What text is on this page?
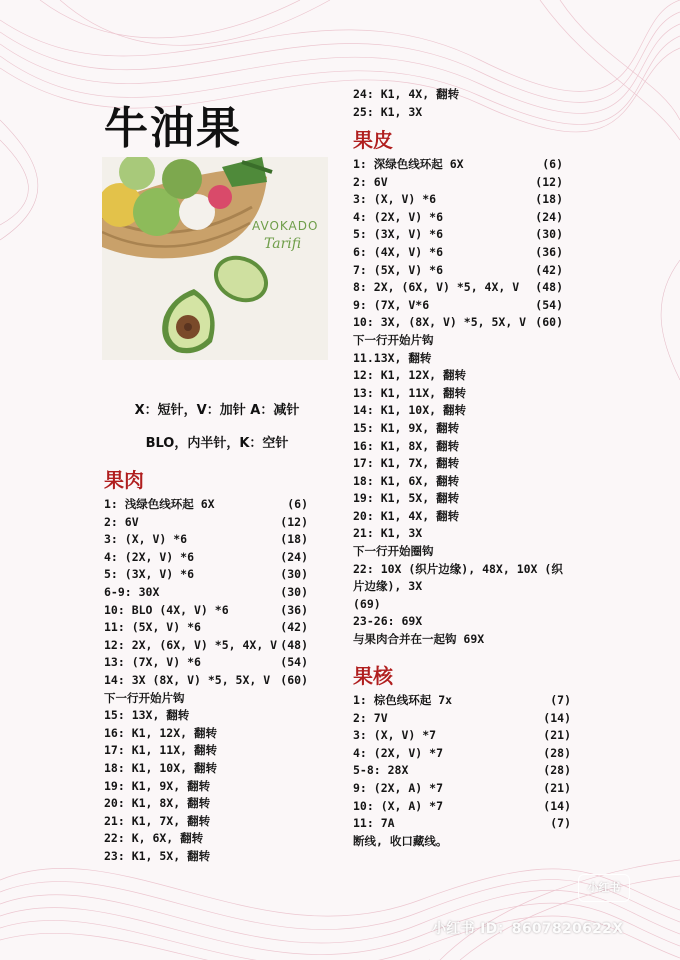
牛油果
AVOKADO
Tarifi
X：短针，V：加针 A：减针
BLO，内半针，K：空针
果肉
1: 浅绿色线环起 6X	(6)
2: 6V	(12)
3: (X, V) *6	(18)
4: (2X, V) *6	(24)
5: (3X, V) *6	(30)
6-9: 30X	(30)
10: BLO (4X, V) *6	(36)
11: (5X, V) *6	(42)
12: 2X, (6X, V) *5, 4X, V (48)
13: (7X, V) *6	(54)
14: 3X (8X, V) *5, 5X, V (60)
下一行开始片钩
15: 13X, 翻转
16: K1, 12X, 翻转
17: K1, 11X, 翻转
18: K1, 10X, 翻转
19: K1, 9X, 翻转
20: K1, 8X, 翻转
21: K1, 7X, 翻转
22: K, 6X, 翻转
23: K1, 5X, 翻转
24: K1, 4X, 翻转
25: K1, 3X
果皮
1: 深绿色线环起 6X	(6)
2: 6V	(12)
3: (X, V) *6	(18)
4: (2X, V) *6	(24)
5: (3X, V) *6	(30)
6: (4X, V) *6	(36)
7: (5X, V) *6	(42)
8: 2X, (6X, V) *5, 4X, V (48)
9: (7X, V*6	(54)
10: 3X, (8X, V) *5, 5X, V (60)
下一行开始片钩
11.13X, 翻转
12: K1, 12X, 翻转
13: K1, 11X, 翻转
14: K1, 10X, 翻转
15: K1, 9X, 翻转
16: K1, 8X, 翻转
17: K1, 7X, 翻转
18: K1, 6X, 翻转
19: K1, 5X, 翻转
20: K1, 4X, 翻转
21: K1, 3X
下一行开始圈钩
22: 10X (织片边缘), 48X, 10X (织
片边缘), 3X
(69)
23-26: 69X
与果肉合并在一起钩 69X
果核
1: 棕色线环起 7x	(7)
2: 7V	(14)
3: (X, V) *7	(21)
4: (2X, V) *7	(28)
5-8: 28X	(28)
9: (2X, A) *7	(21)
10: (X, A) *7	(14)
11: 7A	(7)
断线, 收口藏线。
小红书
小红书 ID：8607820622X
